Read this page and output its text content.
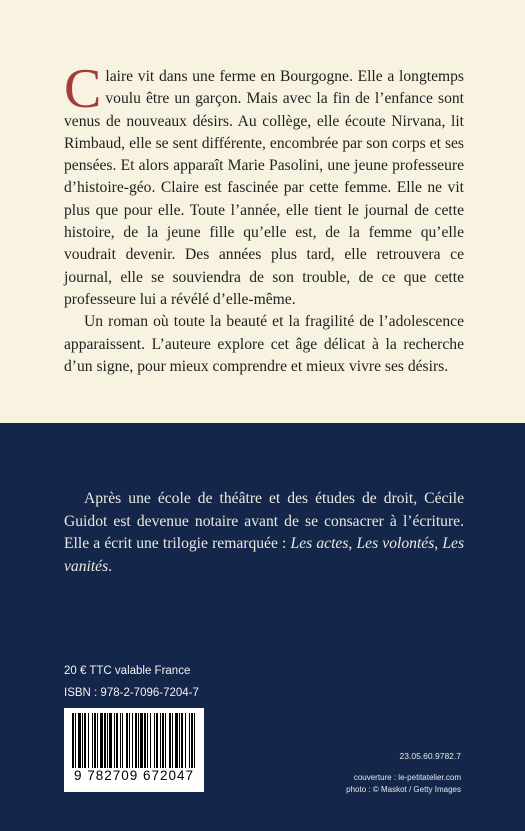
Claire vit dans une ferme en Bourgogne. Elle a longtemps voulu être un garçon. Mais avec la fin de l’enfance sont venus de nouveaux désirs. Au collège, elle écoute Nirvana, lit Rimbaud, elle se sent différente, encombrée par son corps et ses pensées. Et alors apparaît Marie Pasolini, une jeune professeure d’histoire-géo. Claire est fascinée par cette femme. Elle ne vit plus que pour elle. Toute l’année, elle tient le journal de cette histoire, de la jeune fille qu’elle est, de la femme qu’elle voudrait devenir. Des années plus tard, elle retrouvera ce journal, elle se souviendra de son trouble, de ce que cette professeure lui a révélé d’elle-même.

Un roman où toute la beauté et la fragilité de l’adolescence apparaissent. L’auteure explore cet âge délicat à la recherche d’un signe, pour mieux comprendre et mieux vivre ses désirs.

Après une école de théâtre et des études de droit, Cécile Guidot est devenue notaire avant de se consacrer à l’écriture. Elle a écrit une trilogie remarquée : Les actes, Les volontés, Les vanités.
20 € TTC valable France
ISBN : 978-2-7096-7204-7
9 782709 672047
23.05.60.9782.7
couverture : le-petitatelier.com
photo : © Maskot / Getty Images
